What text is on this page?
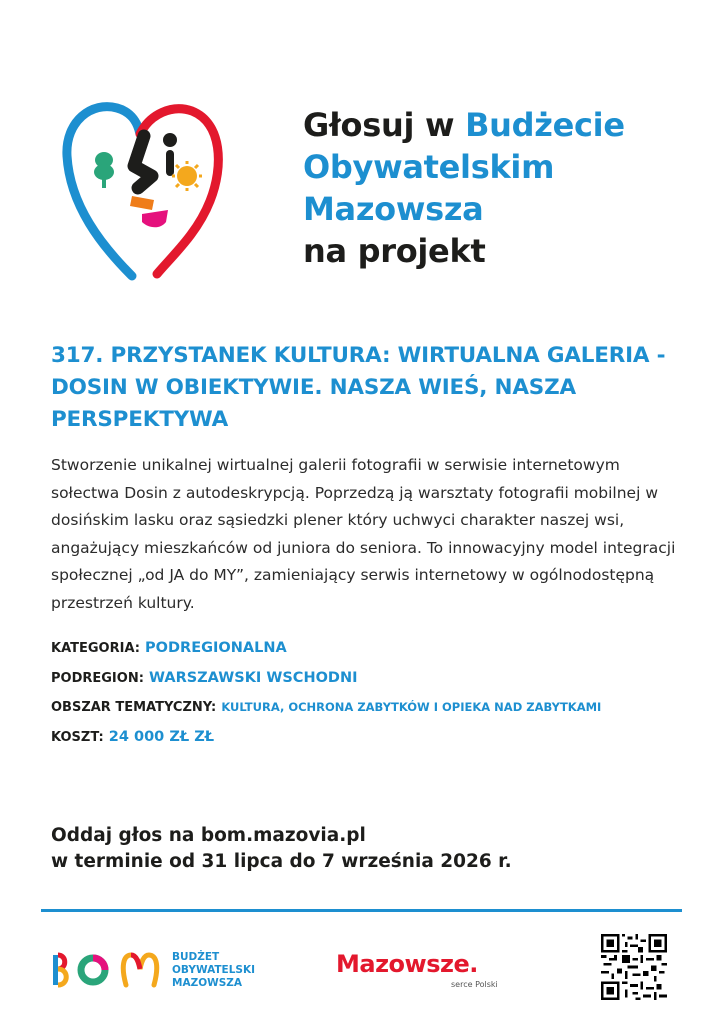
Głosuj w Budżecie
Obywatelskim
Mazowsza
na projekt
317. PRZYSTANEK KULTURA: WIRTUALNA GALERIA - DOSIN W OBIEKTYWIE. NASZA WIEŚ, NASZA PERSPEKTYWA
Stworzenie unikalnej wirtualnej galerii fotografii w serwisie internetowym sołectwa Dosin z autodeskrypcją. Poprzedzą ją warsztaty fotografii mobilnej w dosińskim lasku oraz sąsiedzki plener który uchwyci charakter naszej wsi, angażujący mieszkańców od juniora do seniora. To innowacyjny model integracji społecznej „od JA do MY”, zamieniający serwis internetowy w ogólnodostępną przestrzeń kultury.
KATEGORIA: PODREGIONALNA
PODREGION: WARSZAWSKI WSCHODNI
OBSZAR TEMATYCZNY: KULTURA, OCHRONA ZABYTKÓW I OPIEKA NAD ZABYTKAMI
KOSZT: 24 000 ZŁ ZŁ
Oddaj głos na bom.mazovia.pl
w terminie od 31 lipca do 7 września 2026 r.
BUDŻET
OBYWATELSKI
MAZOWSZA
Mazowsze.
serce Polski
